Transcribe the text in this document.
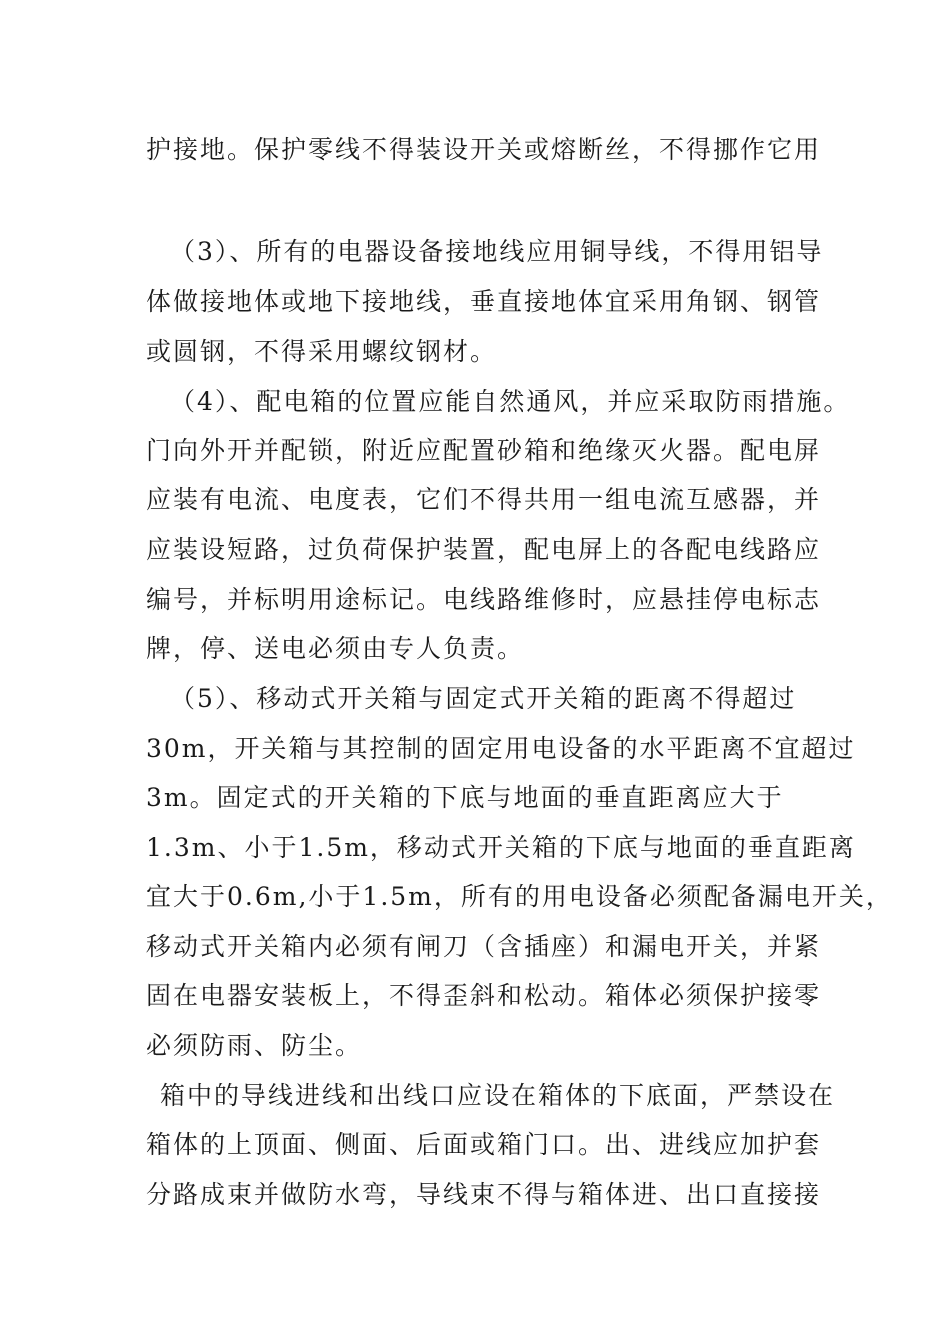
护接地。保护零线不得装设开关或熔断丝，不得挪作它用
（3）、所有的电器设备接地线应用铜导线，不得用铝导
体做接地体或地下接地线，垂直接地体宜采用角钢、钢管
或圆钢，不得采用螺纹钢材。
（4）、配电箱的位置应能自然通风，并应采取防雨措施。
门向外开并配锁，附近应配置砂箱和绝缘灭火器。配电屏
应装有电流、电度表，它们不得共用一组电流互感器，并
应装设短路，过负荷保护装置，配电屏上的各配电线路应
编号，并标明用途标记。电线路维修时，应悬挂停电标志
牌，停、送电必须由专人负责。
（5）、移动式开关箱与固定式开关箱的距离不得超过
30m，开关箱与其控制的固定用电设备的水平距离不宜超过
3m。固定式的开关箱的下底与地面的垂直距离应大于
1.3m、小于1.5m，移动式开关箱的下底与地面的垂直距离
宜大于0.6m,小于1.5m，所有的用电设备必须配备漏电开关，
移动式开关箱内必须有闸刀（含插座）和漏电开关，并紧
固在电器安装板上，不得歪斜和松动。箱体必须保护接零
必须防雨、防尘。
箱中的导线进线和出线口应设在箱体的下底面，严禁设在
箱体的上顶面、侧面、后面或箱门口。出、进线应加护套
分路成束并做防水弯，导线束不得与箱体进、出口直接接
